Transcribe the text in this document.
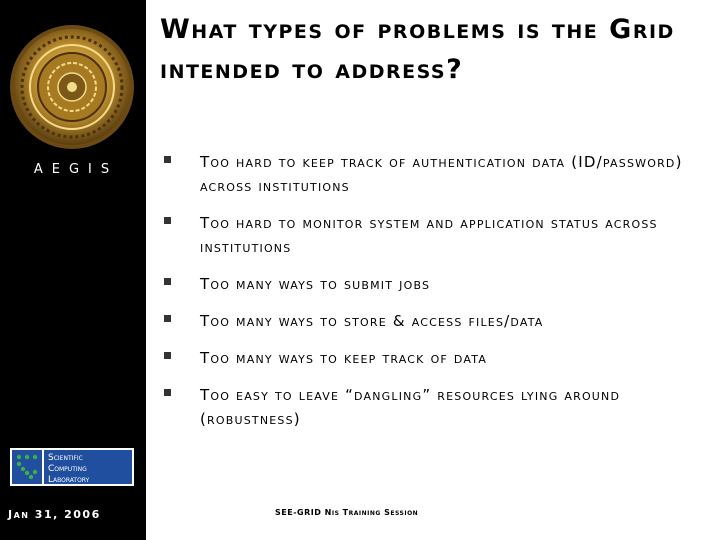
AEGIS
Scientific
Computing
Laboratory
Jan 31, 2006
What types of problems is the Grid intended to address?
Too hard to keep track of authentication data (ID/password) across institutions
Too hard to monitor system and application status across institutions
Too many ways to submit jobs
Too many ways to store & access files/data
Too many ways to keep track of data
Too easy to leave “dangling” resources lying around (robustness)
SEE-GRID Nis Training Session
